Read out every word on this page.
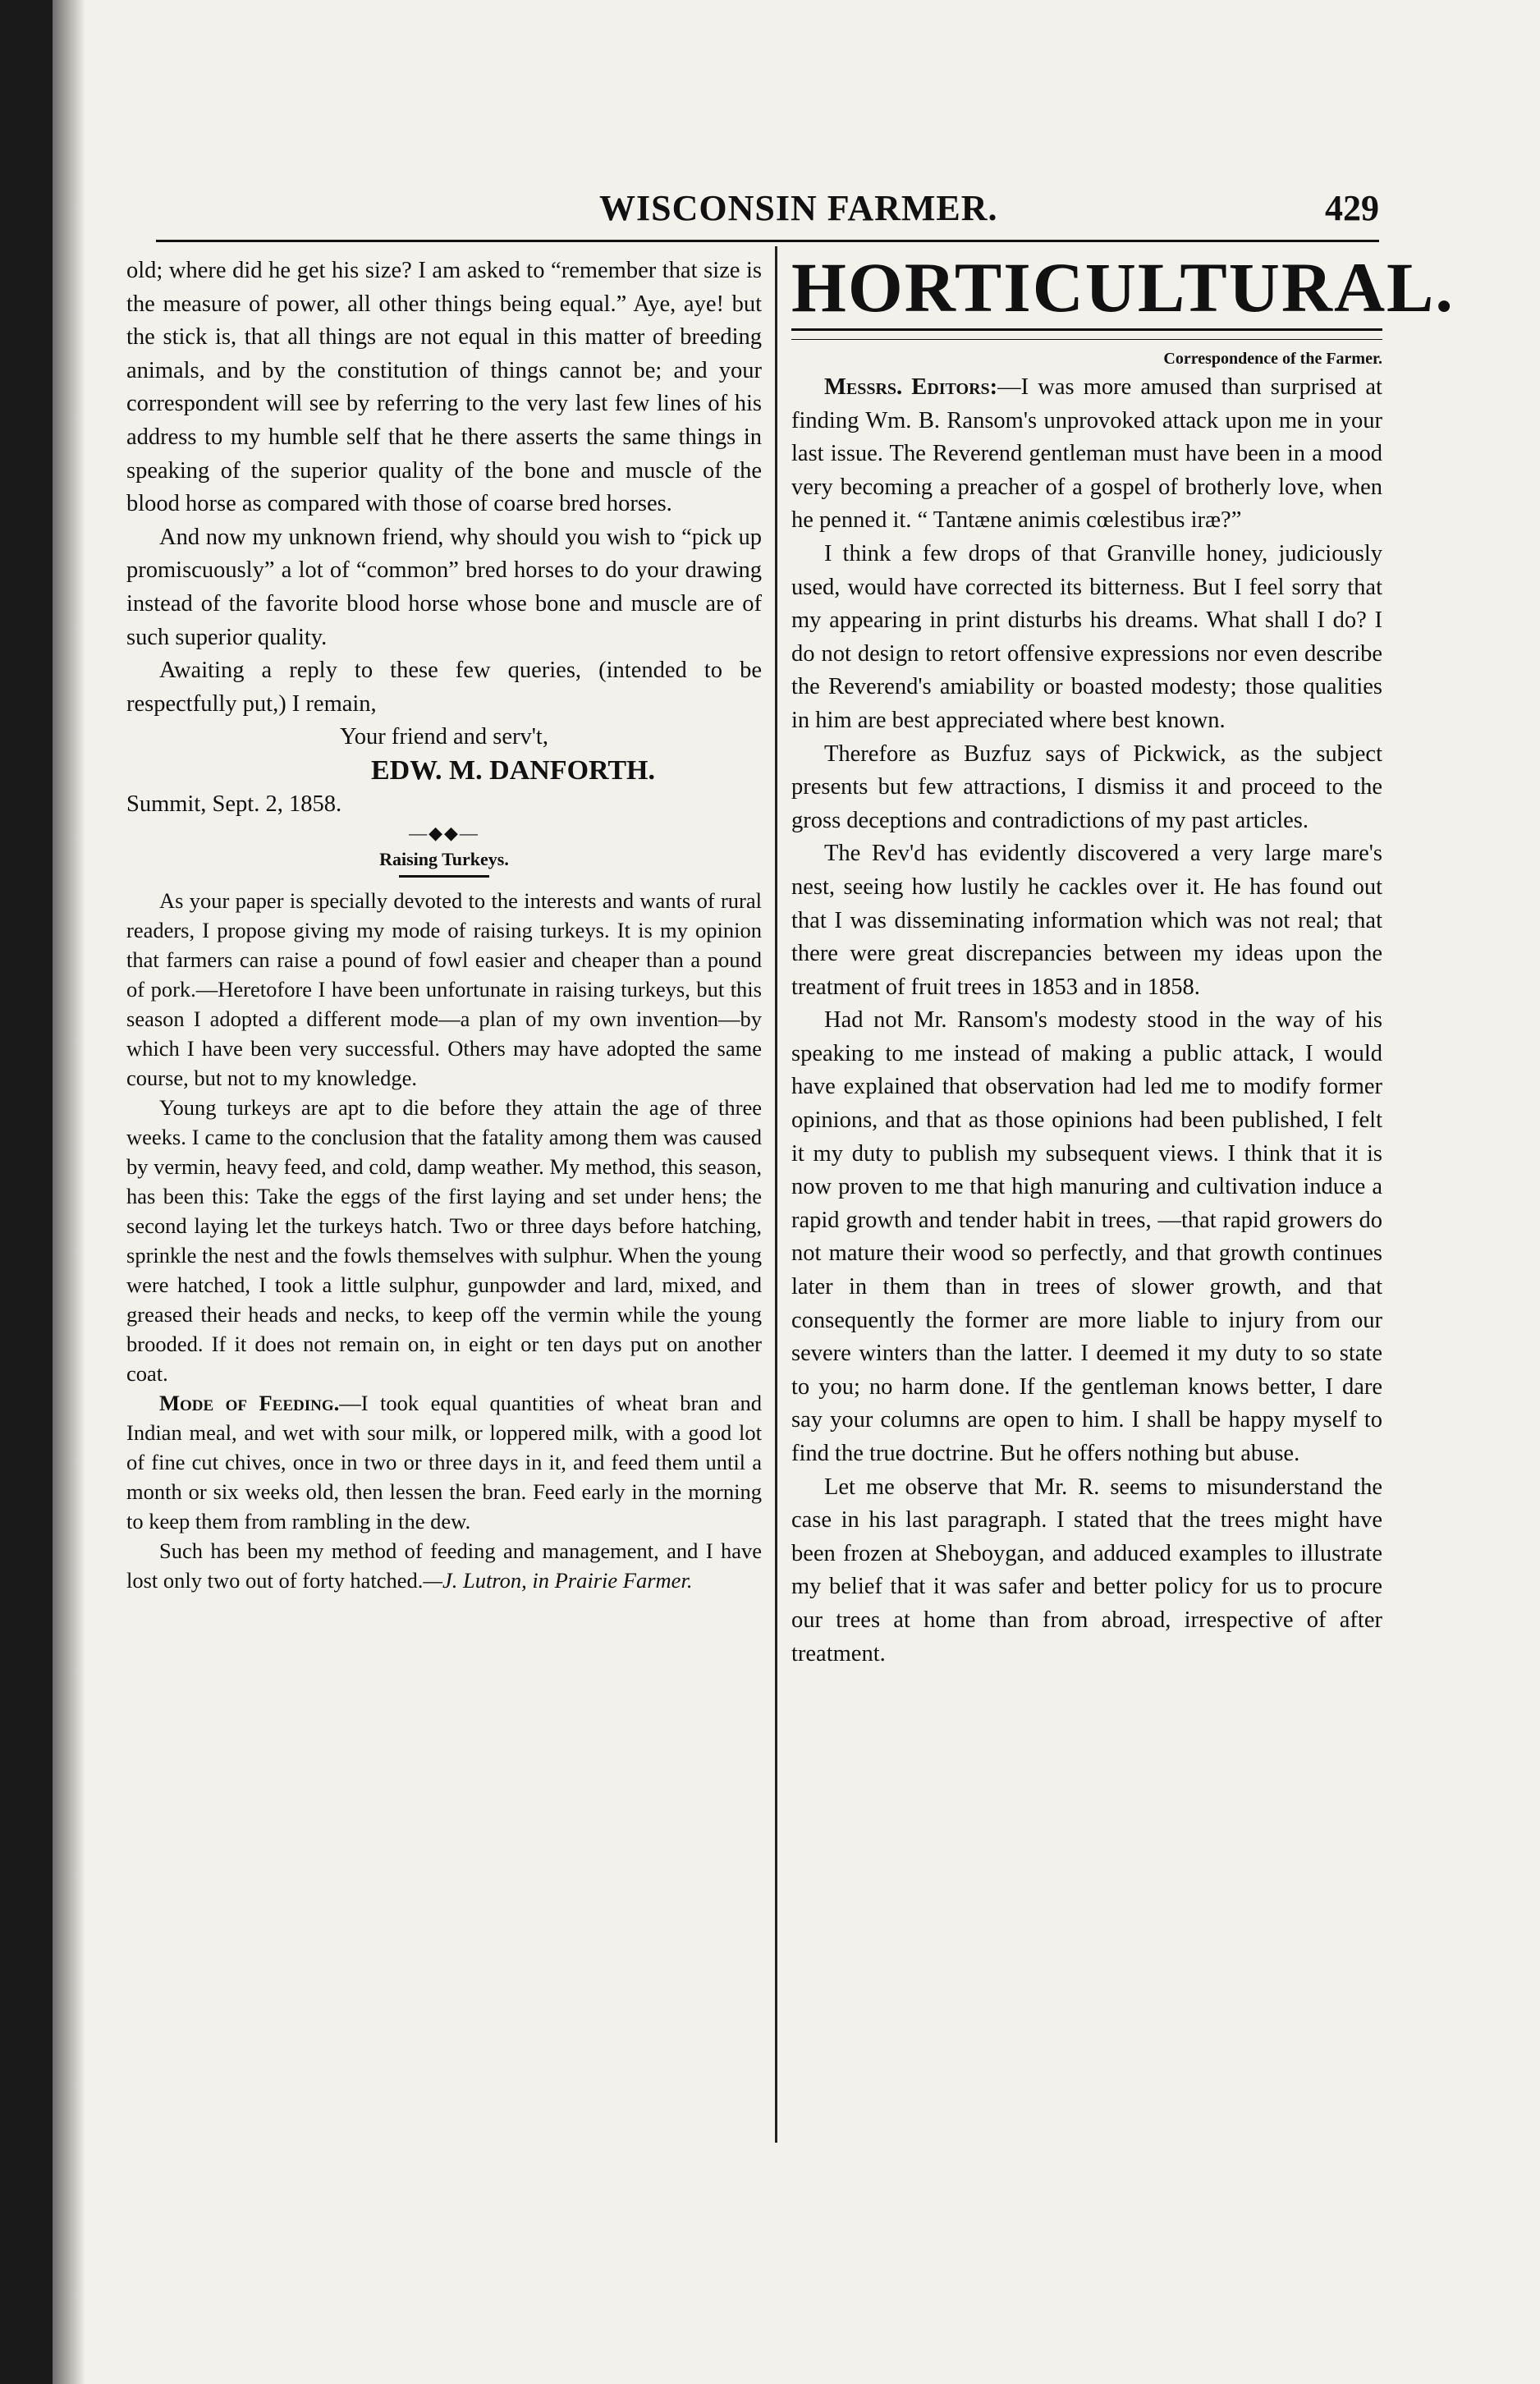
WISCONSIN FARMER.	429

old; where did he get his size? I am asked to “remember that size is the measure of power, all other things being equal.” Aye, aye! but the stick is, that all things are not equal in this matter of breeding animals, and by the constitution of things cannot be; and your correspondent will see by referring to the very last few lines of his address to my humble self that he there asserts the same things in speaking of the superior quality of the bone and muscle of the blood horse as compared with those of coarse bred horses.

And now my unknown friend, why should you wish to “pick up promiscuously” a lot of “common” bred horses to do your drawing instead of the favorite blood horse whose bone and muscle are of such superior quality.

Awaiting a reply to these few queries, (intended to be respectfully put,) I remain,

Your friend and serv't,

EDW. M. DANFORTH.

Summit, Sept. 2, 1858.

—◆◆—

Raising Turkeys.

As your paper is specially devoted to the interests and wants of rural readers, I propose giving my mode of raising turkeys. It is my opinion that farmers can raise a pound of fowl easier and cheaper than a pound of pork.—Heretofore I have been unfortunate in raising turkeys, but this season I adopted a different mode—a plan of my own invention—by which I have been very successful. Others may have adopted the same course, but not to my knowledge.

Young turkeys are apt to die before they attain the age of three weeks. I came to the conclusion that the fatality among them was caused by vermin, heavy feed, and cold, damp weather. My method, this season, has been this: Take the eggs of the first laying and set under hens; the second laying let the turkeys hatch. Two or three days before hatching, sprinkle the nest and the fowls themselves with sulphur. When the young were hatched, I took a little sulphur, gunpowder and lard, mixed, and greased their heads and necks, to keep off the vermin while the young brooded. If it does not remain on, in eight or ten days put on another coat.

Mode of Feeding.—I took equal quantities of wheat bran and Indian meal, and wet with sour milk, or loppered milk, with a good lot of fine cut chives, once in two or three days in it, and feed them until a month or six weeks old, then lessen the bran. Feed early in the morning to keep them from rambling in the dew.

Such has been my method of feeding and management, and I have lost only two out of forty hatched.—J. Lutron, in Prairie Farmer.

HORTICULTURAL.

Correspondence of the Farmer.

Messrs. Editors:—I was more amused than surprised at finding Wm. B. Ransom's unprovoked attack upon me in your last issue. The Reverend gentleman must have been in a mood very becoming a preacher of a gospel of brotherly love, when he penned it. “ Tantæne animis cœlestibus iræ?”

I think a few drops of that Granville honey, judiciously used, would have corrected its bitterness. But I feel sorry that my appearing in print disturbs his dreams. What shall I do? I do not design to retort offensive expressions nor even describe the Reverend's amiability or boasted modesty; those qualities in him are best appreciated where best known.

Therefore as Buzfuz says of Pickwick, as the subject presents but few attractions, I dismiss it and proceed to the gross deceptions and contradictions of my past articles.

The Rev'd has evidently discovered a very large mare's nest, seeing how lustily he cackles over it. He has found out that I was disseminating information which was not real; that there were great discrepancies between my ideas upon the treatment of fruit trees in 1853 and in 1858.

Had not Mr. Ransom's modesty stood in the way of his speaking to me instead of making a public attack, I would have explained that observation had led me to modify former opinions, and that as those opinions had been published, I felt it my duty to publish my subsequent views. I think that it is now proven to me that high manuring and cultivation induce a rapid growth and tender habit in trees, —that rapid growers do not mature their wood so perfectly, and that growth continues later in them than in trees of slower growth, and that consequently the former are more liable to injury from our severe winters than the latter. I deemed it my duty to so state to you; no harm done. If the gentleman knows better, I dare say your columns are open to him. I shall be happy myself to find the true doctrine. But he offers nothing but abuse.

Let me observe that Mr. R. seems to misunderstand the case in his last paragraph. I stated that the trees might have been frozen at Sheboygan, and adduced examples to illustrate my belief that it was safer and better policy for us to procure our trees at home than from abroad, irrespective of after treatment.
